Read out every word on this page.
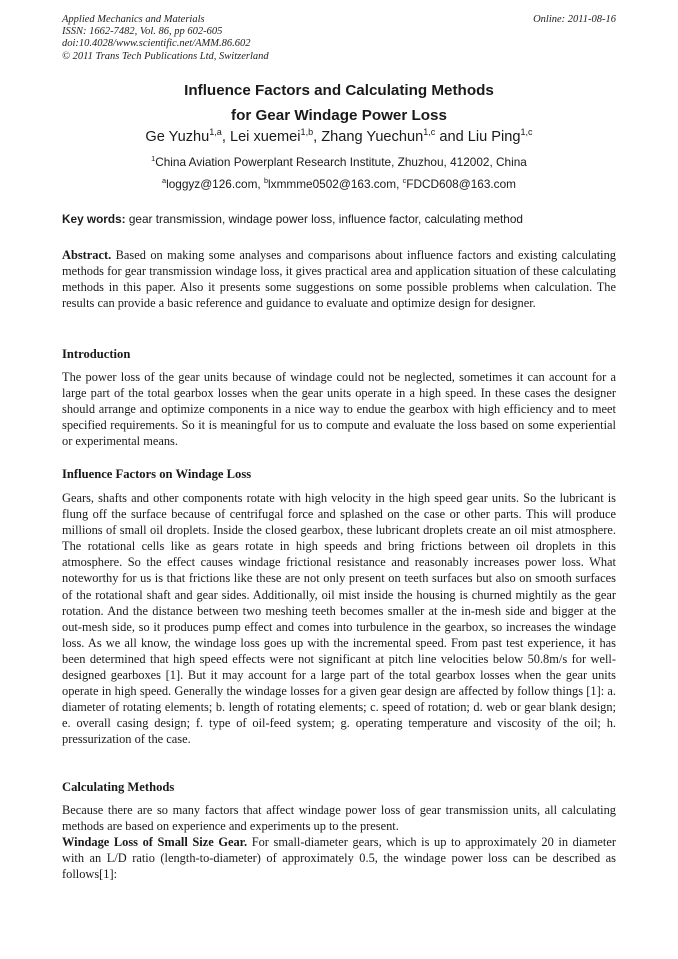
Applied Mechanics and Materials
ISSN: 1662-7482, Vol. 86, pp 602-605
doi:10.4028/www.scientific.net/AMM.86.602
© 2011 Trans Tech Publications Ltd, Switzerland
Online: 2011-08-16
Influence Factors and Calculating Methods
for Gear Windage Power Loss
Ge Yuzhu$^{1,a}$, Lei xuemei$^{1,b}$, Zhang Yuechun$^{1,c}$ and Liu Ping$^{1,c}$
$^1$China Aviation Powerplant Research Institute, Zhuzhou, 412002, China
$^a$loggyz@126.com, $^b$lxmmme0502@163.com, $^c$FDCD608@163.com
Key words: gear transmission, windage power loss, influence factor, calculating method
Abstract. Based on making some analyses and comparisons about influence factors and existing calculating methods for gear transmission windage loss, it gives practical area and application situation of these calculating methods in this paper. Also it presents some suggestions on some possible problems when calculation. The results can provide a basic reference and guidance to evaluate and optimize design for designer.
Introduction
The power loss of the gear units because of windage could not be neglected, sometimes it can account for a large part of the total gearbox losses when the gear units operate in a high speed. In these cases the designer should arrange and optimize components in a nice way to endue the gearbox with high efficiency and to meet specified requirements. So it is meaningful for us to compute and evaluate the loss based on some experiential or experimental means.
Influence Factors on Windage Loss
Gears, shafts and other components rotate with high velocity in the high speed gear units. So the lubricant is flung off the surface because of centrifugal force and splashed on the case or other parts. This will produce millions of small oil droplets. Inside the closed gearbox, these lubricant droplets create an oil mist atmosphere. The rotational cells like as gears rotate in high speeds and bring frictions between oil droplets in this atmosphere. So the effect causes windage frictional resistance and reasonably increases power loss. What noteworthy for us is that frictions like these are not only present on teeth surfaces but also on smooth surfaces of the rotational shaft and gear sides. Additionally, oil mist inside the housing is churned mightily as the gear rotation. And the distance between two meshing teeth becomes smaller at the in-mesh side and bigger at the out-mesh side, so it produces pump effect and comes into turbulence in the gearbox, so increases the windage loss. As we all know, the windage loss goes up with the incremental speed. From past test experience, it has been determined that high speed effects were not significant at pitch line velocities below 50.8m/s for well-designed gearboxes [1]. But it may account for a large part of the total gearbox losses when the gear units operate in high speed. Generally the windage losses for a given gear design are affected by follow things [1]: a. diameter of rotating elements; b. length of rotating elements; c. speed of rotation; d. web or gear blank design; e. overall casing design; f. type of oil-feed system; g. operating temperature and viscosity of the oil; h. pressurization of the case.
Calculating Methods
Because there are so many factors that affect windage power loss of gear transmission units, all calculating methods are based on experience and experiments up to the present.
Windage Loss of Small Size Gear. For small-diameter gears, which is up to approximately 20 in diameter with an L/D ratio (length-to-diameter) of approximately 0.5, the windage power loss can be described as follows[1]:
